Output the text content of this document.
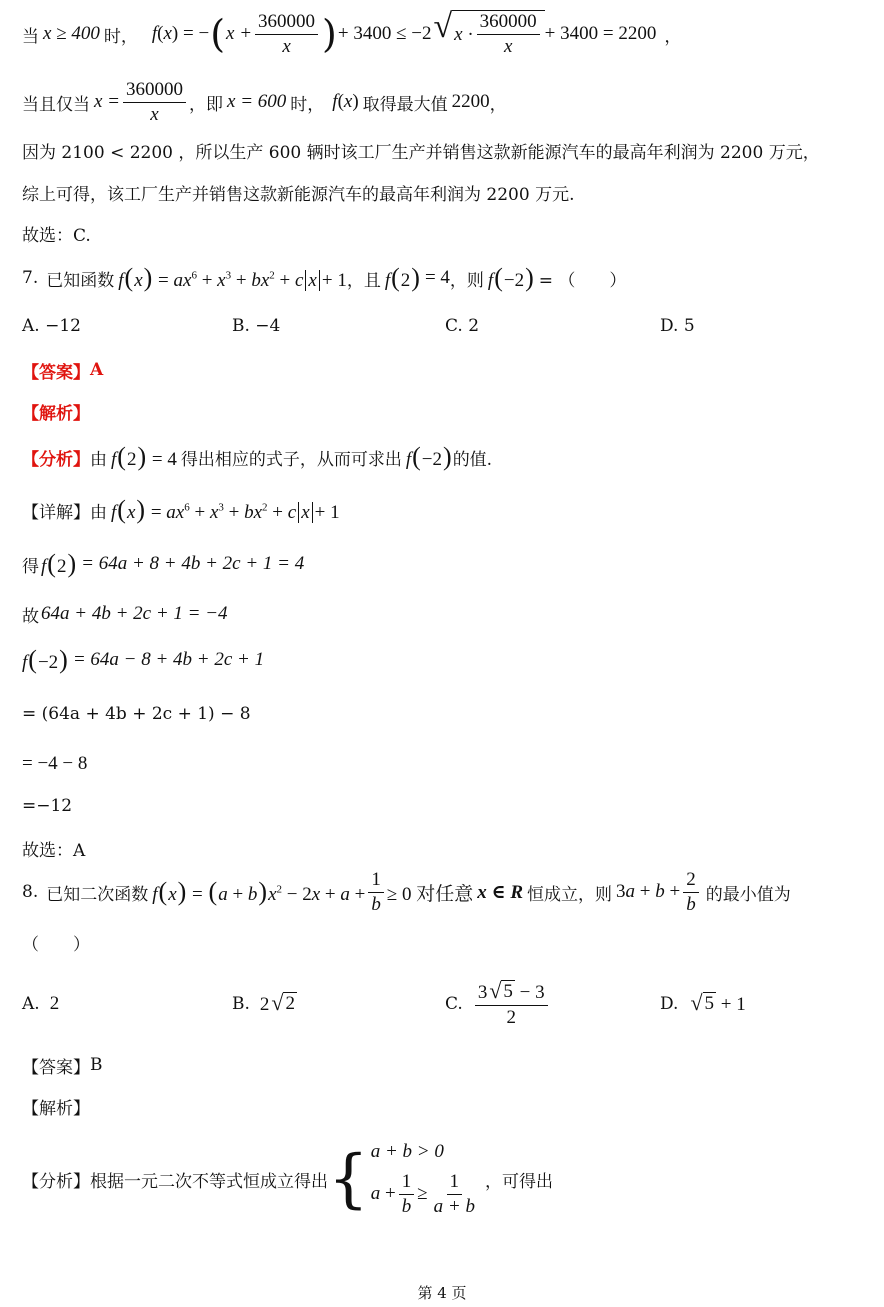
当 x ≥ 400 时， f(x) = − ( $x + \frac{360000}{x}$ ) + 3400 ≤ −2 √ $x \cdot \frac{360000}{x} + 3400 = 2200$ ，
当且仅当 $x = \frac{360000}{x}$ ，即 x = 600 时， f(x) 取得最大值 2200 ，
因为 2100 < 2200 ，所以生产 600 辆时该工厂生产并销售这款新能源汽车的最高年利润为 2200 万元，
综上可得，该工厂生产并销售这款新能源汽车的最高年利润为 2200 万元.
故选：C.
7. 已知函数 $f(x) = ax^6 + x^3 + bx^2 + c$ x + 1 ，且 f(2) = 4 ，则 f(−2) = （　　）
A. −12	B. −4	C. 2	D. 5
【答案】 A
【解析】
【分析】 由 f(2) = 4 得出相应的式子，从而可求出 f(−2) 的值.
【详解】 由 $f(x) = ax^6 + x^3 + bx^2 + c$ x + 1
得 f(2) = 64a + 8 + 4b + 2c + 1 = 4
故 64a + 4b + 2c + 1 = −4
f(−2) = 64a − 8 + 4b + 2c + 1
= (64a + 4b + 2c + 1) − 8
= −4 − 8
=−12
故选：A
8. 已知二次函数 $f(x) = (a + b)x^2 - 2x + a + \frac{1}{b} \ge 0$ 对任意 x ∈ R 恒成立，则 $3a + b + \frac{2}{b}$ 的最小值为
（　　）
A. 2	B. 2 √ 2	C. $\frac{3 √ 5 - 3}{2}$	D. √ 5 + 1
【答案】 B
【解析】
【分析】 根据一元二次不等式恒成立得出 { a + b > 0
$a + \frac{1}{b} \ge \frac{1}{a + b}$ ，可得出
第 4 页
